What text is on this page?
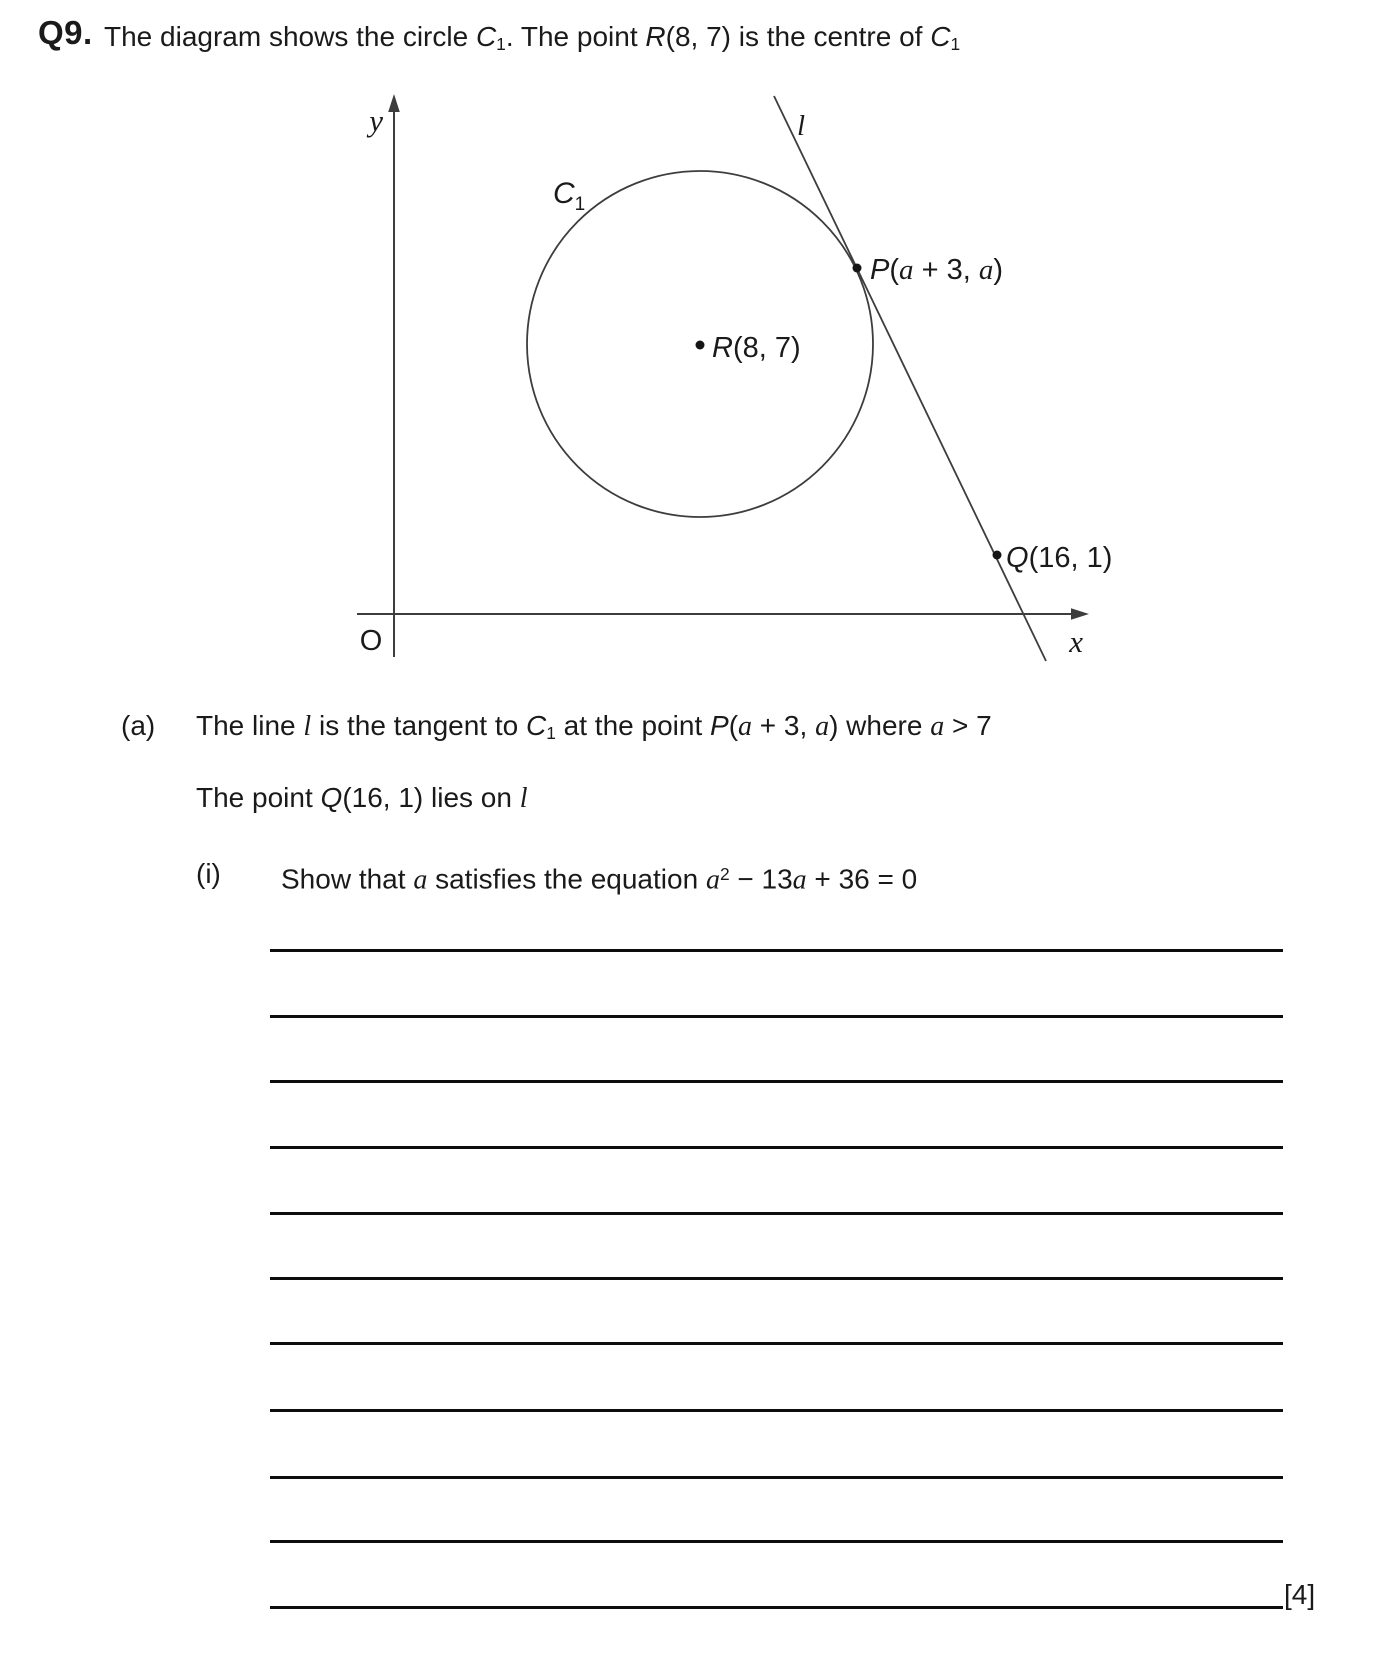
Q9. The diagram shows the circle C1. The point R(8, 7) is the centre of C1
y
x
O
l
$C_1$
P(a + 3, a)
R(8, 7)
Q(16, 1)
(a) The line l is the tangent to C1 at the point P(a + 3, a) where a > 7
The point Q(16, 1) lies on l
(i) Show that a satisfies the equation $a^2 - 13a + 36 = 0$
[4]
